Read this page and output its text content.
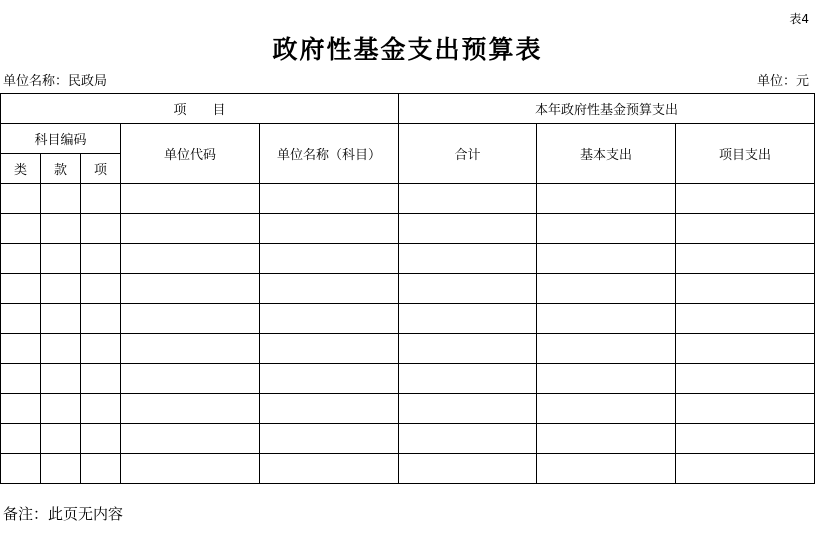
表4
政府性基金支出预算表
单位名称：民政局	单位：元
项　　目					本年政府性基金预算支出		
科目编码			单位代码	单位名称（科目）	合计	基本支出	项目支出
类	款	项					

备注：此页无内容
